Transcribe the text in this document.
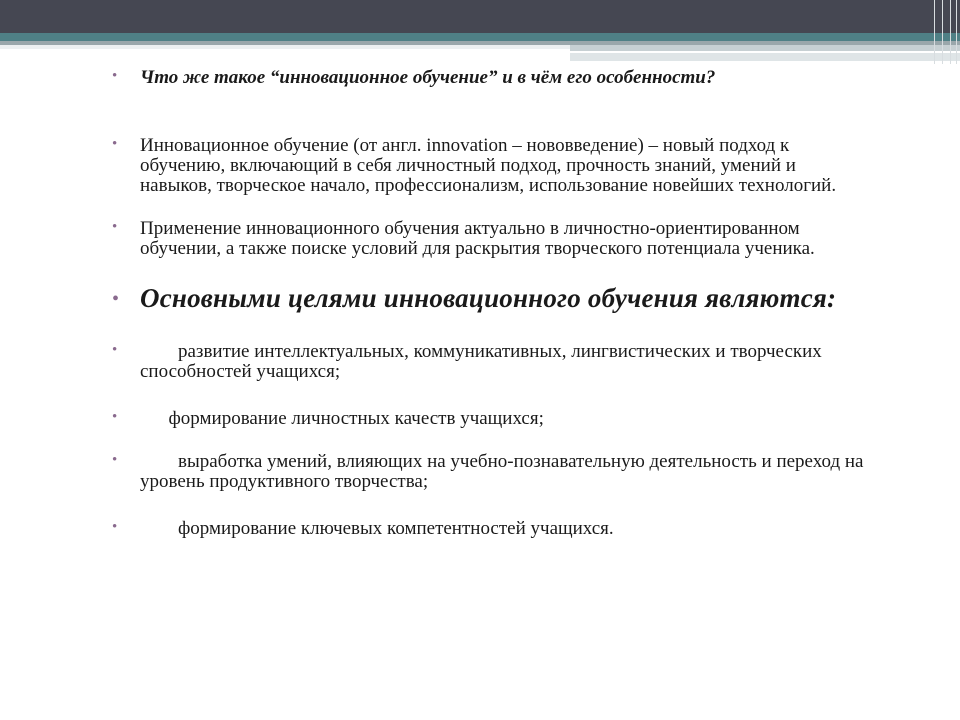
• Что же такое “инновационное обучение” и в чём его особенности?
• Инновационное обучение (от англ. innovation – нововведение) – новый подход к обучению, включающий в себя личностный подход, прочность знаний, умений и навыков, творческое начало, профессионализм, использование новейших технологий.
• Применение инновационного обучения актуально в личностно-ориентированном обучении, а также поиске условий для раскрытия творческого потенциала ученика.
• Основными целями инновационного обучения являются:
• развитие интеллектуальных, коммуникативных, лингвистических и творческих способностей учащихся;
• формирование личностных качеств учащихся;
• выработка умений, влияющих на учебно-познавательную деятельность и переход на уровень продуктивного творчества;
• формирование ключевых компетентностей учащихся.
